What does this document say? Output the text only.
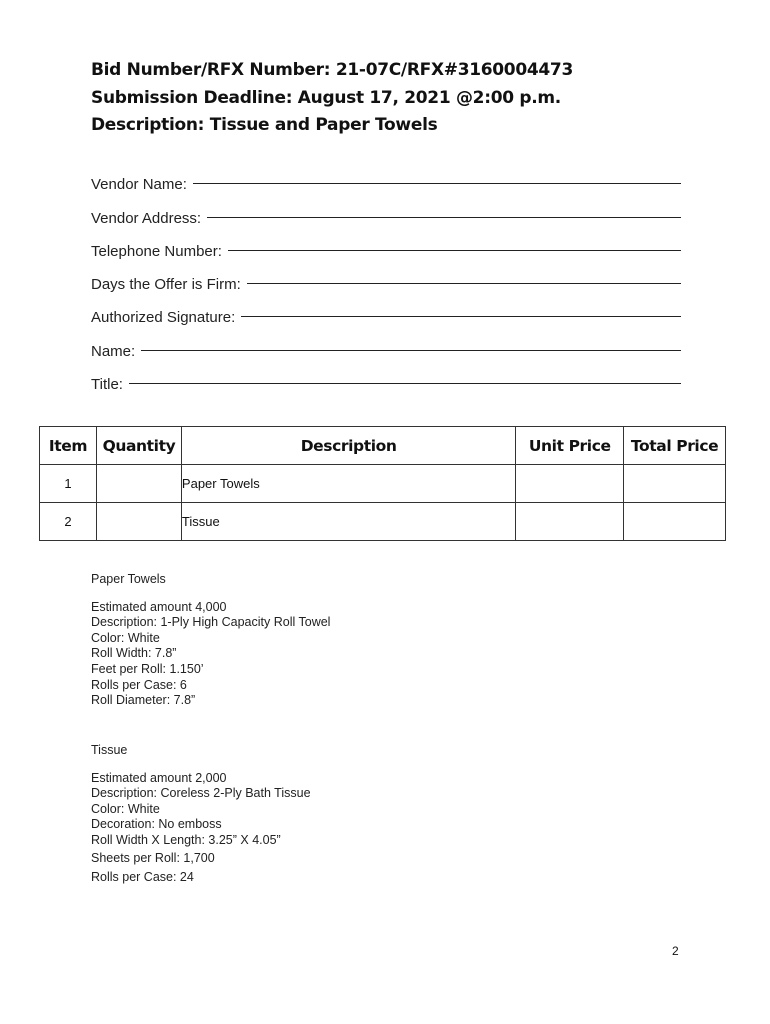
Bid Number/RFX Number: 21-07C/RFX#3160004473
Submission Deadline: August 17, 2021 @2:00 p.m.
Description: Tissue and Paper Towels
Vendor Name:
Vendor Address:
Telephone Number:
Days the Offer is Firm:
Authorized Signature:
Name:
Title:
Item	Quantity	Description	Unit Price	Total Price
1		Paper Towels		
2		Tissue		
Paper Towels
Estimated amount 4,000
Description: 1-Ply High Capacity Roll Towel
Color: White
Roll Width: 7.8”
Feet per Roll: 1.150’
Rolls per Case: 6
Roll Diameter: 7.8”
Tissue
Estimated amount 2,000
Description: Coreless 2-Ply Bath Tissue
Color: White
Decoration: No emboss
Roll Width X Length: 3.25” X 4.05”
Sheets per Roll: 1,700
Rolls per Case: 24
2
